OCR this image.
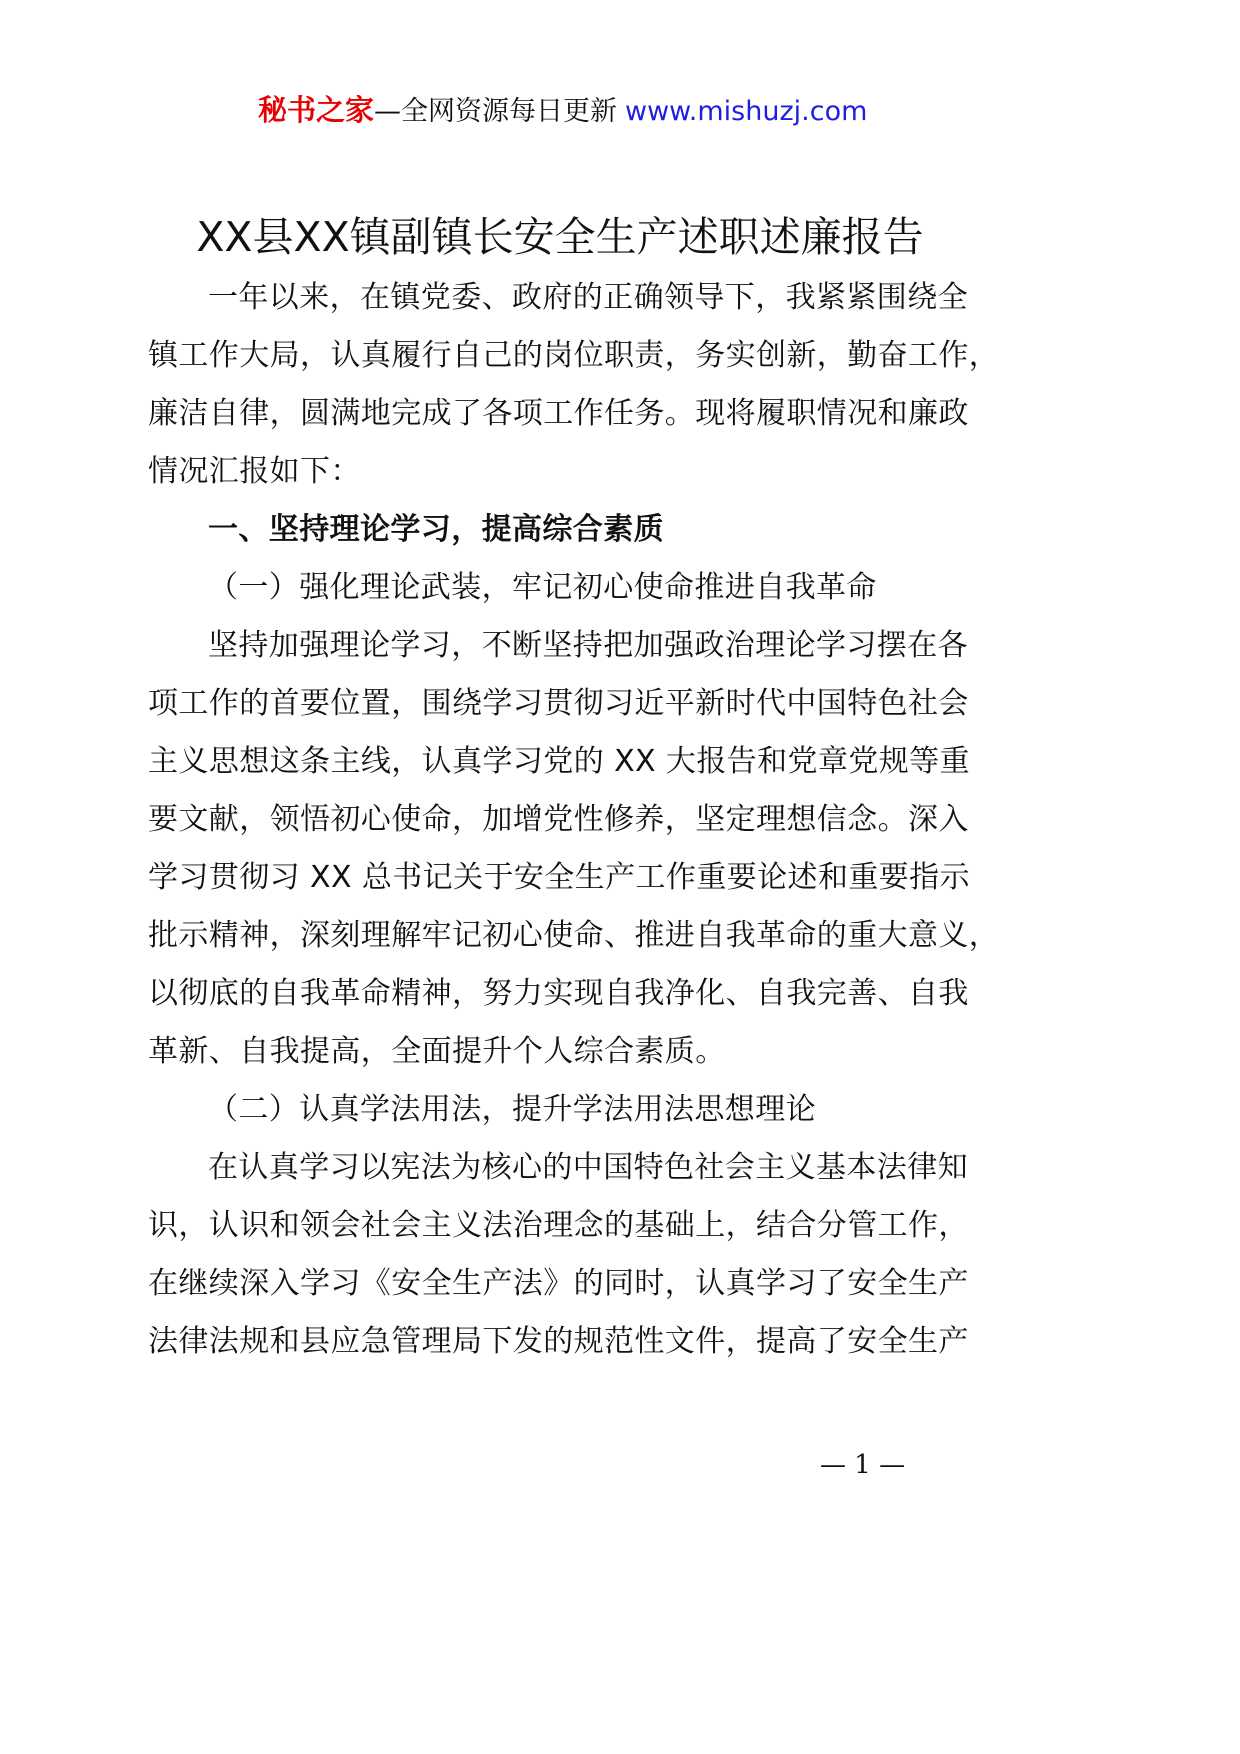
秘书之家—全网资源每日更新 www.mishuzj.com
XX县XX镇副镇长安全生产述职述廉报告
一年以来，在镇党委、政府的正确领导下，我紧紧围绕全
镇工作大局，认真履行自己的岗位职责，务实创新，勤奋工作，
廉洁自律，圆满地完成了各项工作任务。现将履职情况和廉政
情况汇报如下：
一、坚持理论学习，提高综合素质
（一）强化理论武装，牢记初心使命推进自我革命
坚持加强理论学习，不断坚持把加强政治理论学习摆在各
项工作的首要位置，围绕学习贯彻习近平新时代中国特色社会
主义思想这条主线，认真学习党的 XX 大报告和党章党规等重
要文献，领悟初心使命，加增党性修养，坚定理想信念。深入
学习贯彻习 XX 总书记关于安全生产工作重要论述和重要指示
批示精神，深刻理解牢记初心使命、推进自我革命的重大意义，
以彻底的自我革命精神，努力实现自我净化、自我完善、自我
革新、自我提高，全面提升个人综合素质。
（二）认真学法用法，提升学法用法思想理论
在认真学习以宪法为核心的中国特色社会主义基本法律知
识，认识和领会社会主义法治理念的基础上，结合分管工作，
在继续深入学习《安全生产法》的同时，认真学习了安全生产
法律法规和县应急管理局下发的规范性文件，提高了安全生产
— 1 —
